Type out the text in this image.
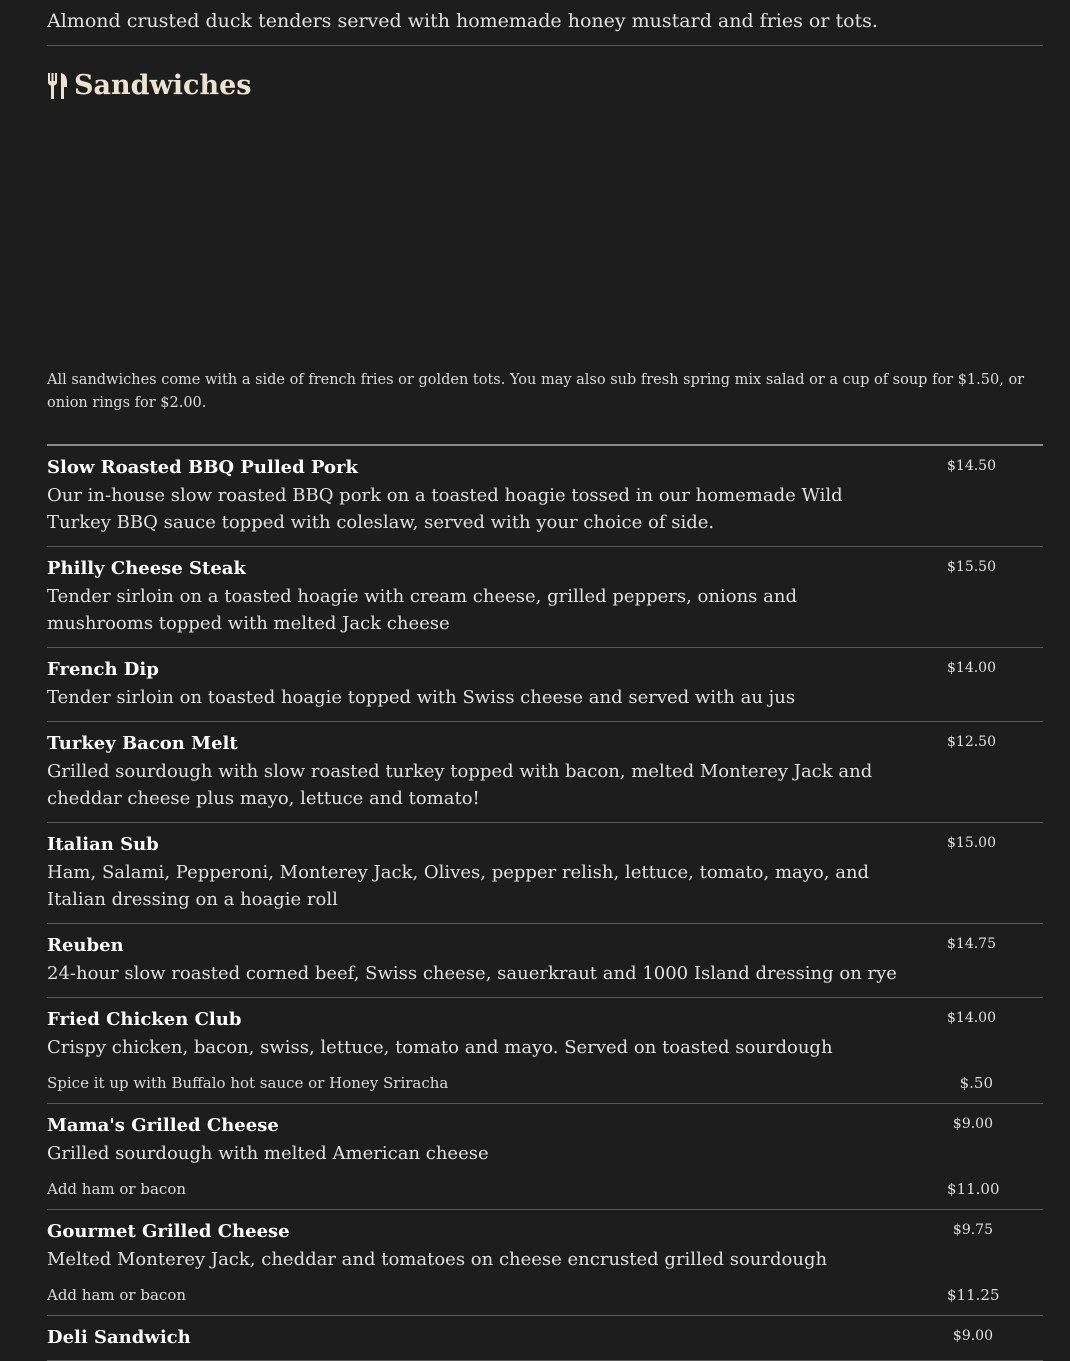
Almond crusted duck tenders served with homemade honey mustard and fries or tots.
Sandwiches
All sandwiches come with a side of french fries or golden tots. You may also sub fresh spring mix salad or a cup of soup for $1.50, or onion rings for $2.00.
Slow Roasted BBQ Pulled Pork	$14.50
Our in-house slow roasted BBQ pork on a toasted hoagie tossed in our homemade Wild Turkey BBQ sauce topped with coleslaw, served with your choice of side.
Philly Cheese Steak	$15.50
Tender sirloin on a toasted hoagie with cream cheese, grilled peppers, onions and mushrooms topped with melted Jack cheese
French Dip	$14.00
Tender sirloin on toasted hoagie topped with Swiss cheese and served with au jus
Turkey Bacon Melt	$12.50
Grilled sourdough with slow roasted turkey topped with bacon, melted Monterey Jack and cheddar cheese plus mayo, lettuce and tomato!
Italian Sub	$15.00
Ham, Salami, Pepperoni, Monterey Jack, Olives, pepper relish, lettuce, tomato, mayo, and Italian dressing on a hoagie roll
Reuben	$14.75
24-hour slow roasted corned beef, Swiss cheese, sauerkraut and 1000 Island dressing on rye
Fried Chicken Club	$14.00
Crispy chicken, bacon, swiss, lettuce, tomato and mayo. Served on toasted sourdough
Spice it up with Buffalo hot sauce or Honey Sriracha	$.50
Mama's Grilled Cheese	$9.00
Grilled sourdough with melted American cheese
Add ham or bacon	$11.00
Gourmet Grilled Cheese	$9.75
Melted Monterey Jack, cheddar and tomatoes on cheese encrusted grilled sourdough
Add ham or bacon	$11.25
Deli Sandwich	$9.00
